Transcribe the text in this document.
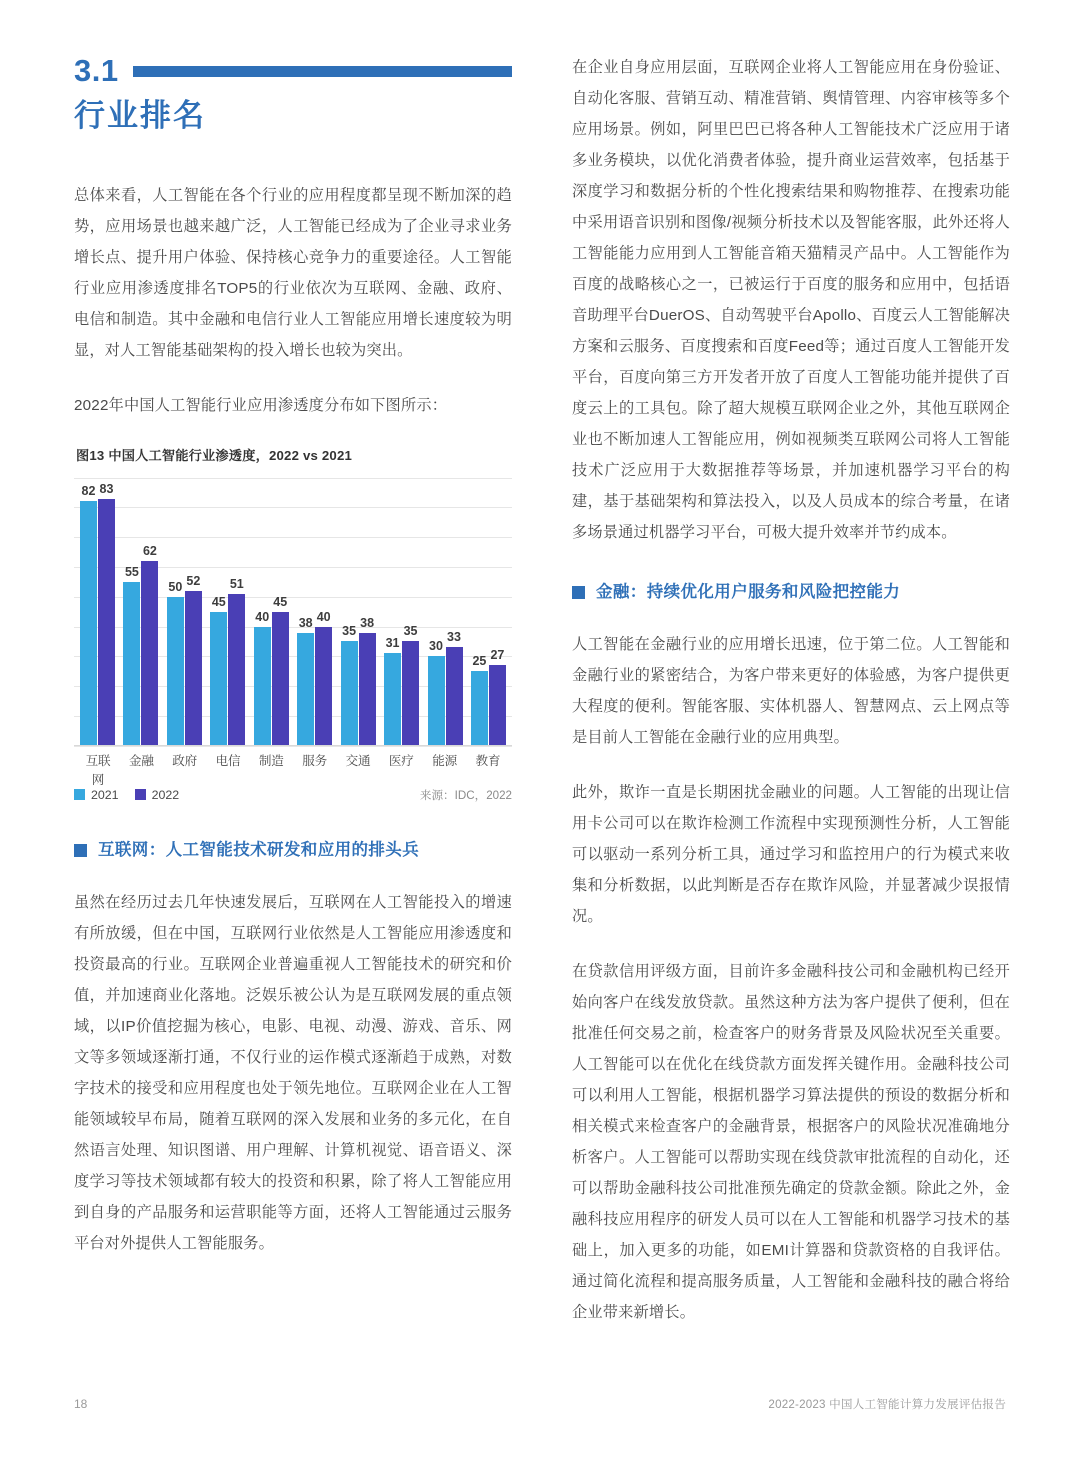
3.1
行业排名

总体来看，人工智能在各个行业的应用程度都呈现不断加深的趋势，应用场景也越来越广泛，人工智能已经成为了企业寻求业务增长点、提升用户体验、保持核心竞争力的重要途径。人工智能行业应用渗透度排名TOP5的行业依次为互联网、金融、政府、电信和制造。其中金融和电信行业人工智能应用增长速度较为明显，对人工智能基础架构的投入增长也较为突出。

2022年中国人工智能行业应用渗透度分布如下图所示：

图13 中国人工智能行业渗透度，2022 vs 2021
82 83
55
62
50 52
45
51
40
45
38 40
35
38
31
35
30
33
25 27
互联网
金融	政府	电信	制造	服务	交通	医疗	能源	教育
2021	2022	来源：IDC，2022
互联网：人工智能技术研发和应用的排头兵

虽然在经历过去几年快速发展后，互联网在人工智能投入的增速有所放缓，但在中国，互联网行业依然是人工智能应用渗透度和投资最高的行业。互联网企业普遍重视人工智能技术的研究和价值，并加速商业化落地。泛娱乐被公认为是互联网发展的重点领域，以IP价值挖掘为核心，电影、电视、动漫、游戏、音乐、网文等多领域逐渐打通，不仅行业的运作模式逐渐趋于成熟，对数字技术的接受和应用程度也处于领先地位。互联网企业在人工智能领域较早布局，随着互联网的深入发展和业务的多元化，在自然语言处理、知识图谱、用户理解、计算机视觉、语音语义、深度学习等技术领域都有较大的投资和积累，除了将人工智能应用到自身的产品服务和运营职能等方面，还将人工智能通过云服务平台对外提供人工智能服务。

在企业自身应用层面，互联网企业将人工智能应用在身份验证、自动化客服、营销互动、精准营销、舆情管理、内容审核等多个应用场景。例如，阿里巴巴已将各种人工智能技术广泛应用于诸多业务模块，以优化消费者体验，提升商业运营效率，包括基于深度学习和数据分析的个性化搜索结果和购物推荐、在搜索功能中采用语音识别和图像/视频分析技术以及智能客服，此外还将人工智能能力应用到人工智能音箱天猫精灵产品中。人工智能作为百度的战略核心之一，已被运行于百度的服务和应用中，包括语音助理平台DuerOS、自动驾驶平台Apollo、百度云人工智能解决方案和云服务、百度搜索和百度Feed等；通过百度人工智能开发平台，百度向第三方开发者开放了百度人工智能功能并提供了百度云上的工具包。除了超大规模互联网企业之外，其他互联网企业也不断加速人工智能应用，例如视频类互联网公司将人工智能技术广泛应用于大数据推荐等场景，并加速机器学习平台的构建，基于基础架构和算法投入，以及人员成本的综合考量，在诸多场景通过机器学习平台，可极大提升效率并节约成本。

金融：持续优化用户服务和风险把控能力

人工智能在金融行业的应用增长迅速，位于第二位。人工智能和金融行业的紧密结合，为客户带来更好的体验感，为客户提供更大程度的便利。智能客服、实体机器人、智慧网点、云上网点等是目前人工智能在金融行业的应用典型。

此外，欺诈一直是长期困扰金融业的问题。人工智能的出现让信用卡公司可以在欺诈检测工作流程中实现预测性分析，人工智能可以驱动一系列分析工具，通过学习和监控用户的行为模式来收集和分析数据，以此判断是否存在欺诈风险，并显著减少误报情况。

在贷款信用评级方面，目前许多金融科技公司和金融机构已经开始向客户在线发放贷款。虽然这种方法为客户提供了便利，但在批准任何交易之前，检查客户的财务背景及风险状况至关重要。人工智能可以在优化在线贷款方面发挥关键作用。金融科技公司可以利用人工智能，根据机器学习算法提供的预设的数据分析和相关模式来检查客户的金融背景，根据客户的风险状况准确地分析客户。人工智能可以帮助实现在线贷款审批流程的自动化，还可以帮助金融科技公司批准预先确定的贷款金额。除此之外，金融科技应用程序的研发人员可以在人工智能和机器学习技术的基础上，加入更多的功能，如EMI计算器和贷款资格的自我评估。通过简化流程和提高服务质量，人工智能和金融科技的融合将给企业带来新增长。

18	2022-2023 中国人工智能计算力发展评估报告
